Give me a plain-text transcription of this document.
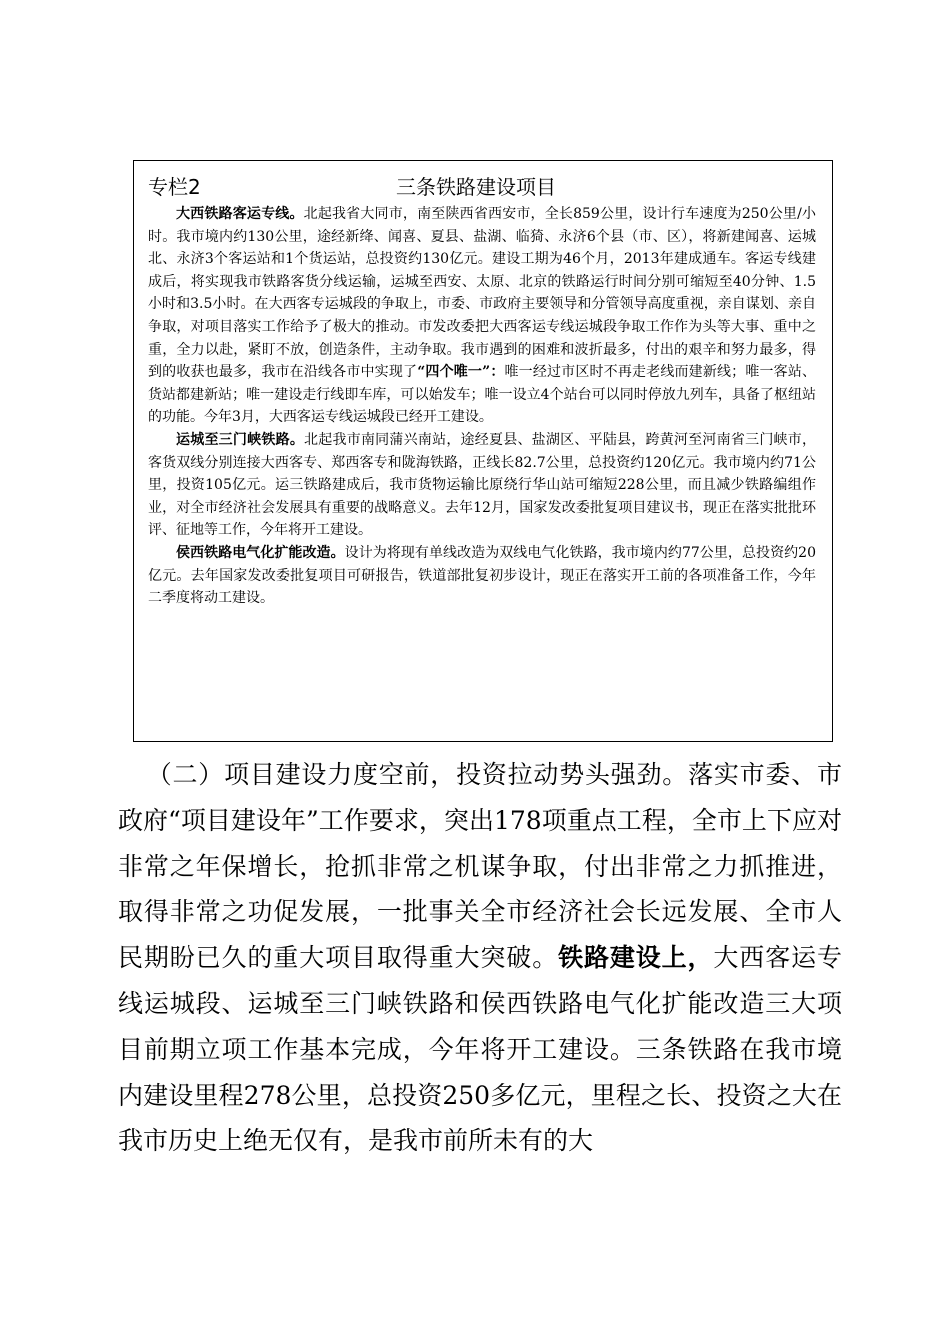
专栏2	三条铁路建设项目

大西铁路客运专线。北起我省大同市，南至陕西省西安市，全长859公里，设计行车速度为250公里/小时。我市境内约130公里，途经新绛、闻喜、夏县、盐湖、临猗、永济6个县（市、区），将新建闻喜、运城北、永济3个客运站和1个货运站，总投资约130亿元。建设工期为46个月，2013年建成通车。客运专线建成后，将实现我市铁路客货分线运输，运城至西安、太原、北京的铁路运行时间分别可缩短至40分钟、1.5小时和3.5小时。在大西客专运城段的争取上，市委、市政府主要领导和分管领导高度重视，亲自谋划、亲自争取，对项目落实工作给予了极大的推动。市发改委把大西客运专线运城段争取工作作为头等大事、重中之重，全力以赴，紧盯不放，创造条件，主动争取。我市遇到的困难和波折最多，付出的艰辛和努力最多，得到的收获也最多，我市在沿线各市中实现了“四个唯一”：唯一经过市区时不再走老线而建新线；唯一客站、货站都建新站；唯一建设走行线即车库，可以始发车；唯一设立4个站台可以同时停放九列车，具备了枢纽站的功能。今年3月，大西客运专线运城段已经开工建设。

运城至三门峡铁路。北起我市南同蒲兴南站，途经夏县、盐湖区、平陆县，跨黄河至河南省三门峡市，客货双线分别连接大西客专、郑西客专和陇海铁路，正线长82.7公里，总投资约120亿元。我市境内约71公里，投资105亿元。运三铁路建成后，我市货物运输比原绕行华山站可缩短228公里，而且减少铁路编组作业，对全市经济社会发展具有重要的战略意义。去年12月，国家发改委批复项目建议书，现正在落实批批环评、征地等工作，今年将开工建设。

侯西铁路电气化扩能改造。设计为将现有单线改造为双线电气化铁路，我市境内约77公里，总投资约20亿元。去年国家发改委批复项目可研报告，铁道部批复初步设计，现正在落实开工前的各项准备工作，今年二季度将动工建设。

（二）项目建设力度空前，投资拉动势头强劲。落实市委、市政府“项目建设年”工作要求，突出178项重点工程，全市上下应对非常之年保增长，抢抓非常之机谋争取，付出非常之力抓推进，取得非常之功促发展，一批事关全市经济社会长远发展、全市人民期盼已久的重大项目取得重大突破。铁路建设上，大西客运专线运城段、运城至三门峡铁路和侯西铁路电气化扩能改造三大项目前期立项工作基本完成，今年将开工建设。三条铁路在我市境内建设里程278公里，总投资250多亿元，里程之长、投资之大在我市历史上绝无仅有，是我市前所未有的大
